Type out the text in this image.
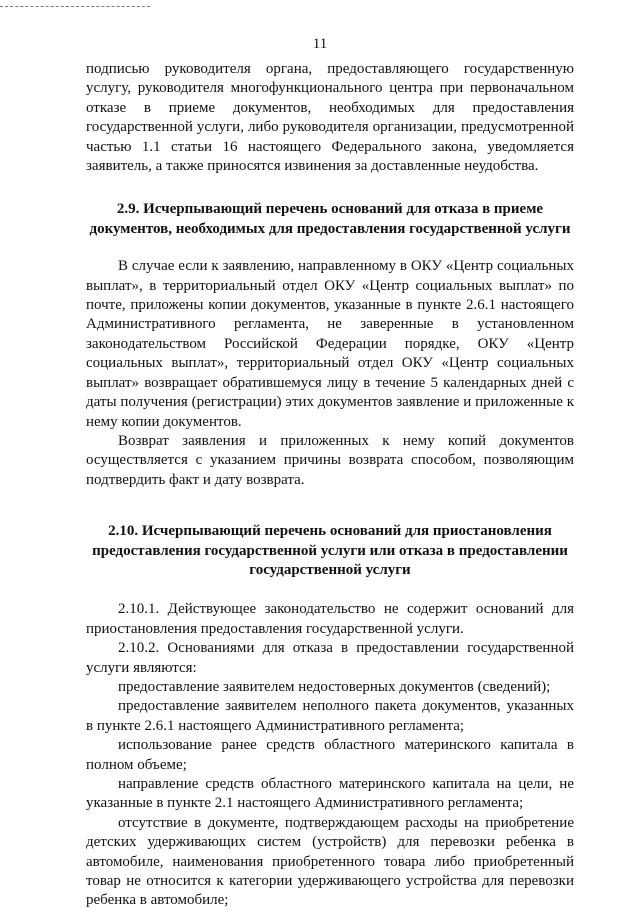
11

подписью руководителя органа, предоставляющего государственную услугу, руководителя многофункционального центра при первоначальном отказе в приеме документов, необходимых для предоставления государственной услуги, либо руководителя организации, предусмотренной частью 1.1 статьи 16 настоящего Федерального закона, уведомляется заявитель, а также приносятся извинения за доставленные неудобства.

2.9. Исчерпывающий перечень оснований для отказа в приеме документов, необходимых для предоставления государственной услуги

В случае если к заявлению, направленному в ОКУ «Центр социальных выплат», в территориальный отдел ОКУ «Центр социальных выплат» по почте, приложены копии документов, указанные в пункте 2.6.1 настоящего Административного регламента, не заверенные в установленном законодательством Российской Федерации порядке, ОКУ «Центр социальных выплат», территориальный отдел ОКУ «Центр социальных выплат» возвращает обратившемуся лицу в течение 5 календарных дней с даты получения (регистрации) этих документов заявление и приложенные к нему копии документов.

Возврат заявления и приложенных к нему копий документов осуществляется с указанием причины возврата способом, позволяющим подтвердить факт и дату возврата.

2.10. Исчерпывающий перечень оснований для приостановления предоставления государственной услуги или отказа в предоставлении государственной услуги

2.10.1. Действующее законодательство не содержит оснований для приостановления предоставления государственной услуги.

2.10.2. Основаниями для отказа в предоставлении государственной услуги являются:

предоставление заявителем недостоверных документов (сведений);

предоставление заявителем неполного пакета документов, указанных в пункте 2.6.1 настоящего Административного регламента;

использование ранее средств областного материнского капитала в полном объеме;

направление средств областного материнского капитала на цели, не указанные в пункте 2.1 настоящего Административного регламента;

отсутствие в документе, подтверждающем расходы на приобретение детских удерживающих систем (устройств) для перевозки ребенка в автомобиле, наименования приобретенного товара либо приобретенный товар не относится к категории удерживающего устройства для перевозки ребенка в автомобиле;
